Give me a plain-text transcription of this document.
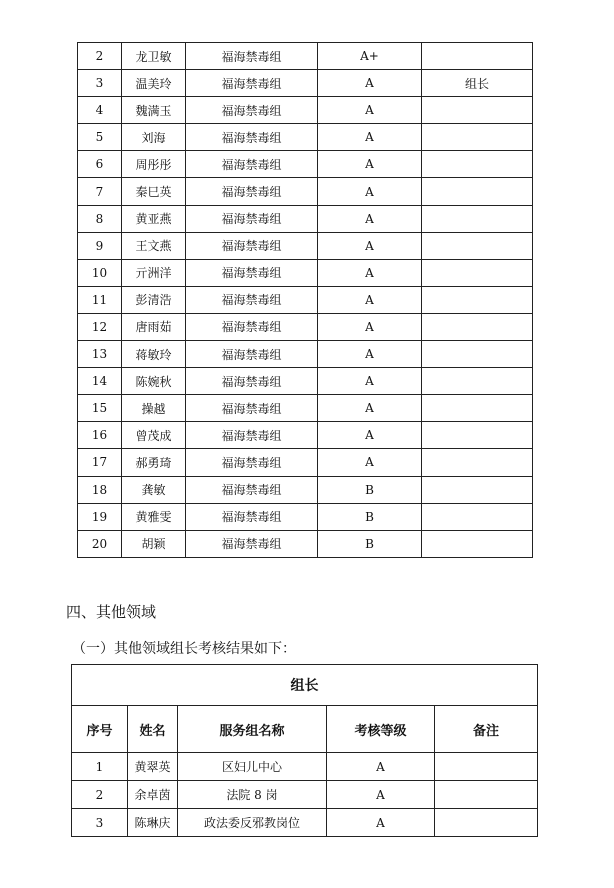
2	龙卫敏	福海禁毒组	A+	
3	温美玲	福海禁毒组	A	组长
4	魏满玉	福海禁毒组	A	
5	刘海	福海禁毒组	A	
6	周彤彤	福海禁毒组	A	
7	秦巳英	福海禁毒组	A	
8	黄亚燕	福海禁毒组	A	
9	王文燕	福海禁毒组	A	
10	亓洲洋	福海禁毒组	A	
11	彭清浩	福海禁毒组	A	
12	唐雨茹	福海禁毒组	A	
13	蒋敏玲	福海禁毒组	A	
14	陈婉秋	福海禁毒组	A	
15	操越	福海禁毒组	A	
16	曾茂成	福海禁毒组	A	
17	郝勇琦	福海禁毒组	A	
18	龚敏	福海禁毒组	B	
19	黄雅雯	福海禁毒组	B	
20	胡颖	福海禁毒组	B	
四、其他领域
（一）其他领域组长考核结果如下：
组长				
序号	姓名	服务组名称	考核等级	备注
1	黄翠英	区妇儿中心	A	
2	余卓茵	法院 8 岗	A	
3	陈琳庆	政法委反邪教岗位	A	
